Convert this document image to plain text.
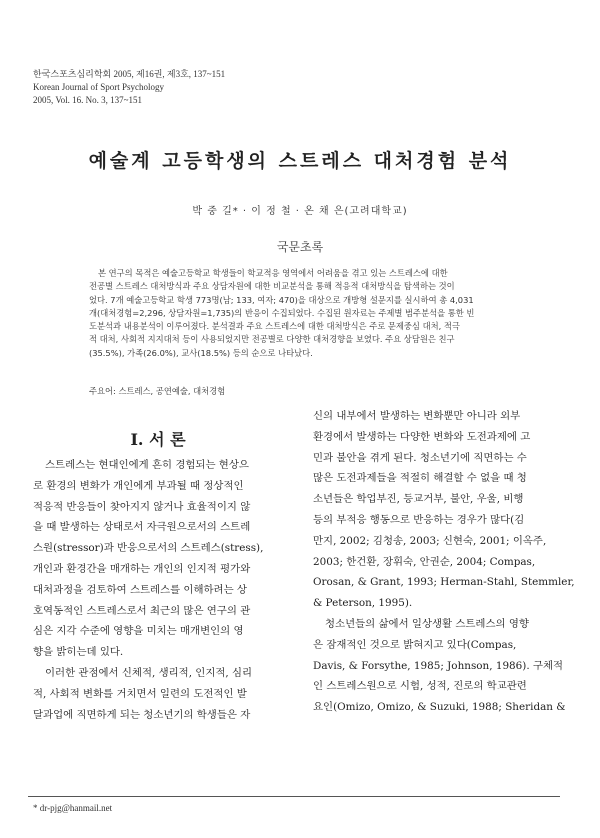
한국스포츠심리학회 2005, 제16권, 제3호, 137~151
Korean Journal of Sport Psychology
2005, Vol. 16. No. 3, 137~151
예술계 고등학생의 스트레스 대처경험 분석
박 중 길* · 이 정 철 · 온 채 은(고려대학교)
국문초록
본 연구의 목적은 예술고등학교 학생들이 학교적응 영역에서 어려움을 겪고 있는 스트레스에 대한
전공별 스트레스 대처방식과 주요 상담자원에 대한 비교분석을 통해 적응적 대처방식을 탐색하는 것이
었다. 7개 예술고등학교 학생 773명(남; 133, 여자; 470)을 대상으로 개방형 설문지를 실시하여 총 4,031
개(대처경험=2,296, 상담자원=1,735)의 반응이 수집되었다. 수집된 원자료는 주제별 범주분석을 통한 빈
도분석과 내용분석이 이루어졌다. 분석결과 주요 스트레스에 대한 대처방식은 주로 문제중심 대처, 적극
적 대처, 사회적 지지대처 등이 사용되었지만 전공별로 다양한 대처경향을 보였다. 주요 상담원은 친구
(35.5%), 가족(26.0%), 교사(18.5%) 등의 순으로 나타났다.
주요어: 스트레스, 공연예술, 대처경험
I. 서 론
스트레스는 현대인에게 흔히 경험되는 현상으
로 환경의 변화가 개인에게 부과될 때 정상적인
적응적 반응들이 찾아지지 않거나 효율적이지 않
을 때 발생하는 상태로서 자극원으로서의 스트레
스원(stressor)과 반응으로서의 스트레스(stress),
개인과 환경간을 매개하는 개인의 인지적 평가와
대처과정을 검토하여 스트레스를 이해하려는 상
호역동적인 스트레스로서 최근의 많은 연구의 관
심은 지각 수준에 영향을 미치는 매개변인의 영
향을 밝히는데 있다.
이러한 관점에서 신체적, 생리적, 인지적, 심리
적, 사회적 변화를 거치면서 일련의 도전적인 발
달과업에 직면하게 되는 청소년기의 학생들은 자
신의 내부에서 발생하는 변화뿐만 아니라 외부
환경에서 발생하는 다양한 변화와 도전과제에 고
민과 불안을 겪게 된다. 청소년기에 직면하는 수
많은 도전과제들을 적절히 해결할 수 없을 때 청
소년들은 학업부진, 등교거부, 불안, 우울, 비행
등의 부적응 행동으로 반응하는 경우가 많다(김
만지, 2002; 김청송, 2003; 신현숙, 2001; 이옥주,
2003; 한건환, 장휘숙, 안권순, 2004; Compas,
Orosan, & Grant, 1993; Herman-Stahl, Stemmler,
& Peterson, 1995).
청소년들의 삶에서 일상생활 스트레스의 영향
은 잠재적인 것으로 밝혀지고 있다(Compas,
Davis, & Forsythe, 1985; Johnson, 1986). 구체적
인 스트레스원으로 시험, 성적, 진로의 학교관련
요인(Omizo, Omizo, & Suzuki, 1988; Sheridan &
* dr-pjg@hanmail.net
